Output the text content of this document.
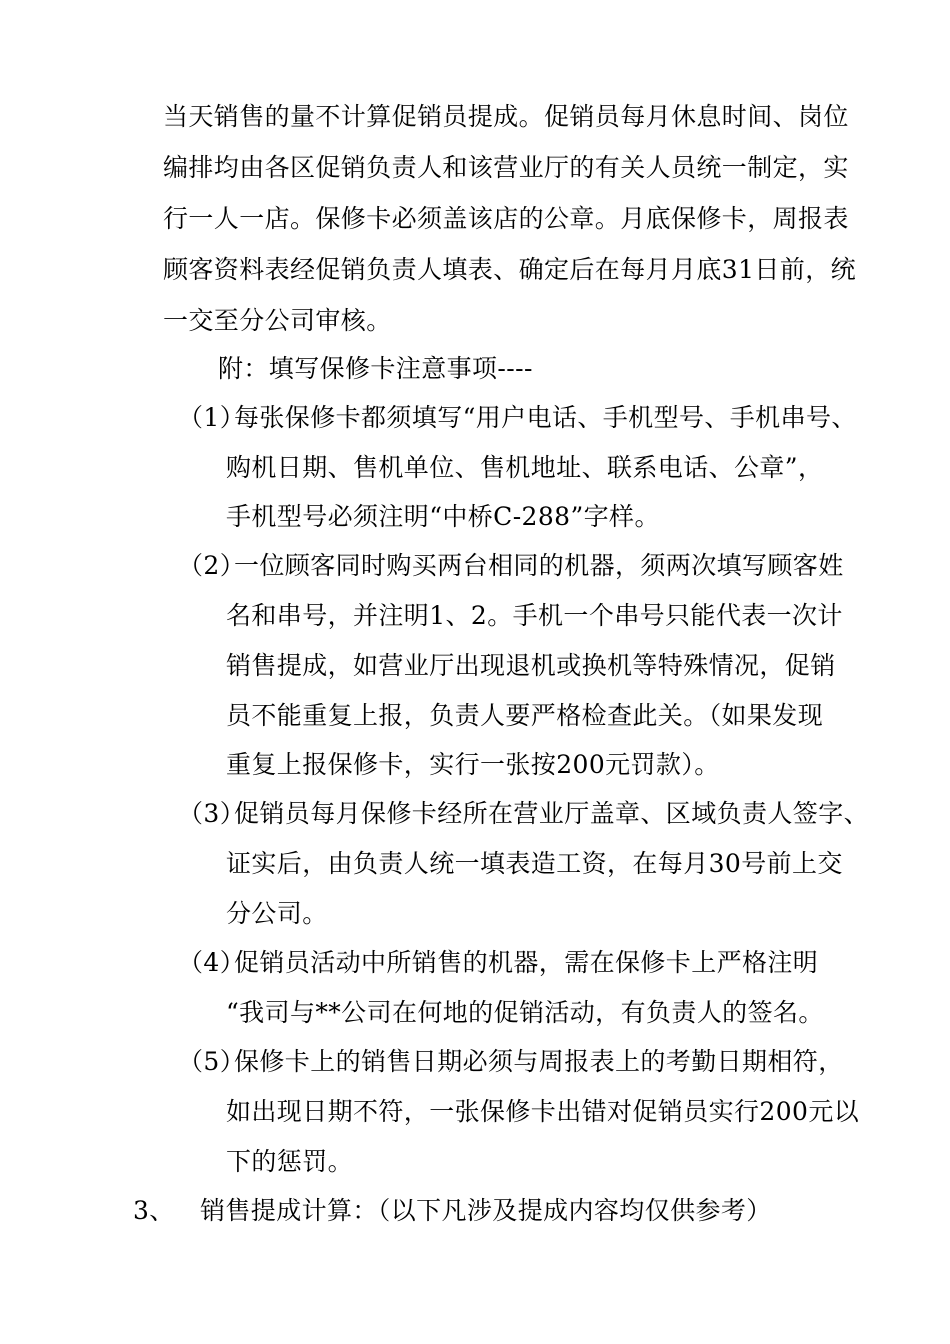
当天销售的量不计算促销员提成。促销员每月休息时间、岗位
编排均由各区促销负责人和该营业厅的有关人员统一制定，实
行一人一店。保修卡必须盖该店的公章。月底保修卡，周报表
顾客资料表经促销负责人填表、确定后在每月月底31日前，统
一交至分公司审核。
附：填写保修卡注意事项----
（1）
每张保修卡都须填写“用户电话、手机型号、手机串号、
购机日期、售机单位、售机地址、联系电话、公章”，
手机型号必须注明“中桥C-288”字样。
（2）
一位顾客同时购买两台相同的机器，须两次填写顾客姓
名和串号，并注明1、2。手机一个串号只能代表一次计
销售提成，如营业厅出现退机或换机等特殊情况，促销
员不能重复上报，负责人要严格检查此关。（如果发现
重复上报保修卡，实行一张按200元罚款）。
（3）
促销员每月保修卡经所在营业厅盖章、区域负责人签字、
证实后，由负责人统一填表造工资，在每月30号前上交
分公司。
（4）
促销员活动中所销售的机器，需在保修卡上严格注明
“我司与**公司在何地的促销活动，有负责人的签名。
（5）
保修卡上的销售日期必须与周报表上的考勤日期相符，
如出现日期不符，一张保修卡出错对促销员实行200元以
下的惩罚。
3、 销售提成计算：（以下凡涉及提成内容均仅供参考）
